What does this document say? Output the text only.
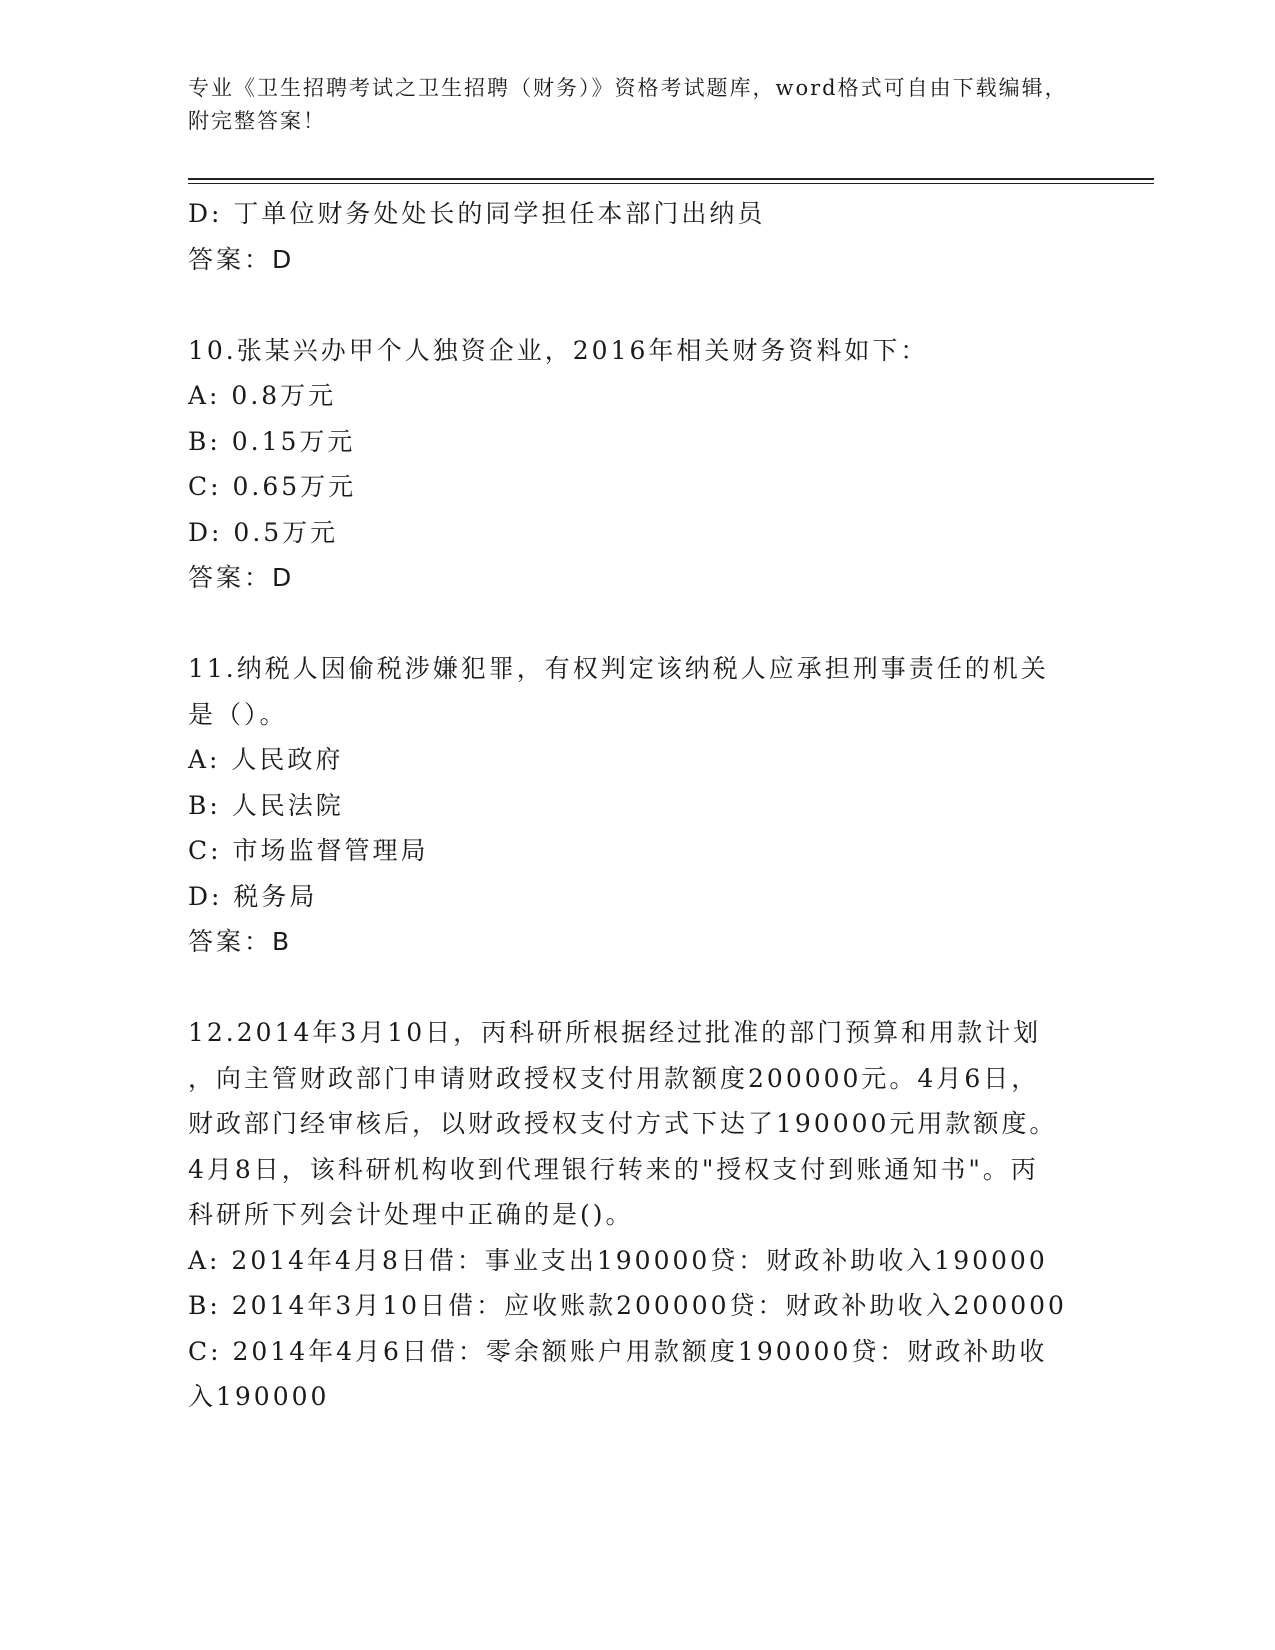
专业《卫生招聘考试之卫生招聘（财务）》资格考试题库，word格式可自由下载编辑，附完整答案！
D: 丁单位财务处处长的同学担任本部门出纳员
答案：D
10.张某兴办甲个人独资企业，2016年相关财务资料如下：
A: 0.8万元
B: 0.15万元
C: 0.65万元
D: 0.5万元
答案：D
11.纳税人因偷税涉嫌犯罪，有权判定该纳税人应承担刑事责任的机关
是（）。
A: 人民政府
B: 人民法院
C: 市场监督管理局
D: 税务局
答案：B
12.2014年3月10日，丙科研所根据经过批准的部门预算和用款计划
，向主管财政部门申请财政授权支付用款额度200000元。4月6日，
财政部门经审核后，以财政授权支付方式下达了190000元用款额度。
4月8日，该科研机构收到代理银行转来的"授权支付到账通知书"。丙
科研所下列会计处理中正确的是()。
A: 2014年4月8日借：事业支出190000贷：财政补助收入190000
B: 2014年3月10日借：应收账款200000贷：财政补助收入200000
C: 2014年4月6日借：零余额账户用款额度190000贷：财政补助收
入190000
